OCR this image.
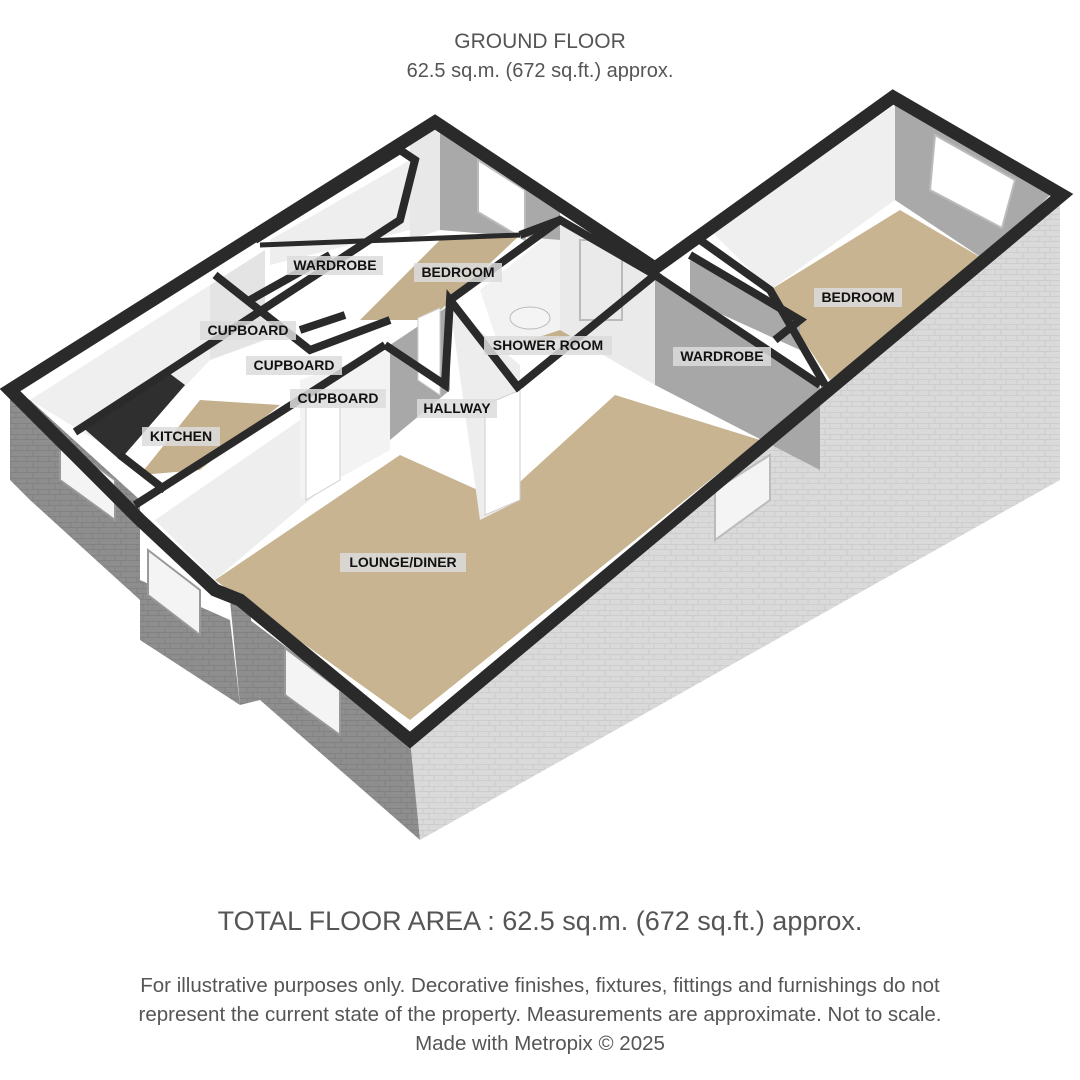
GROUND FLOOR
62.5 sq.m. (672 sq.ft.) approx.
WARDROBE	BEDROOM
BEDROOM
CUPBOARD
CUPBOARD
CUPBOARD
KITCHEN
SHOWER ROOM
WARDROBE
HALLWAY
LOUNGE/DINER
TOTAL FLOOR AREA : 62.5 sq.m. (672 sq.ft.) approx.
For illustrative purposes only. Decorative finishes, fixtures, fittings and furnishings do not
represent the current state of the property. Measurements are approximate. Not to scale.
Made with Metropix © 2025
